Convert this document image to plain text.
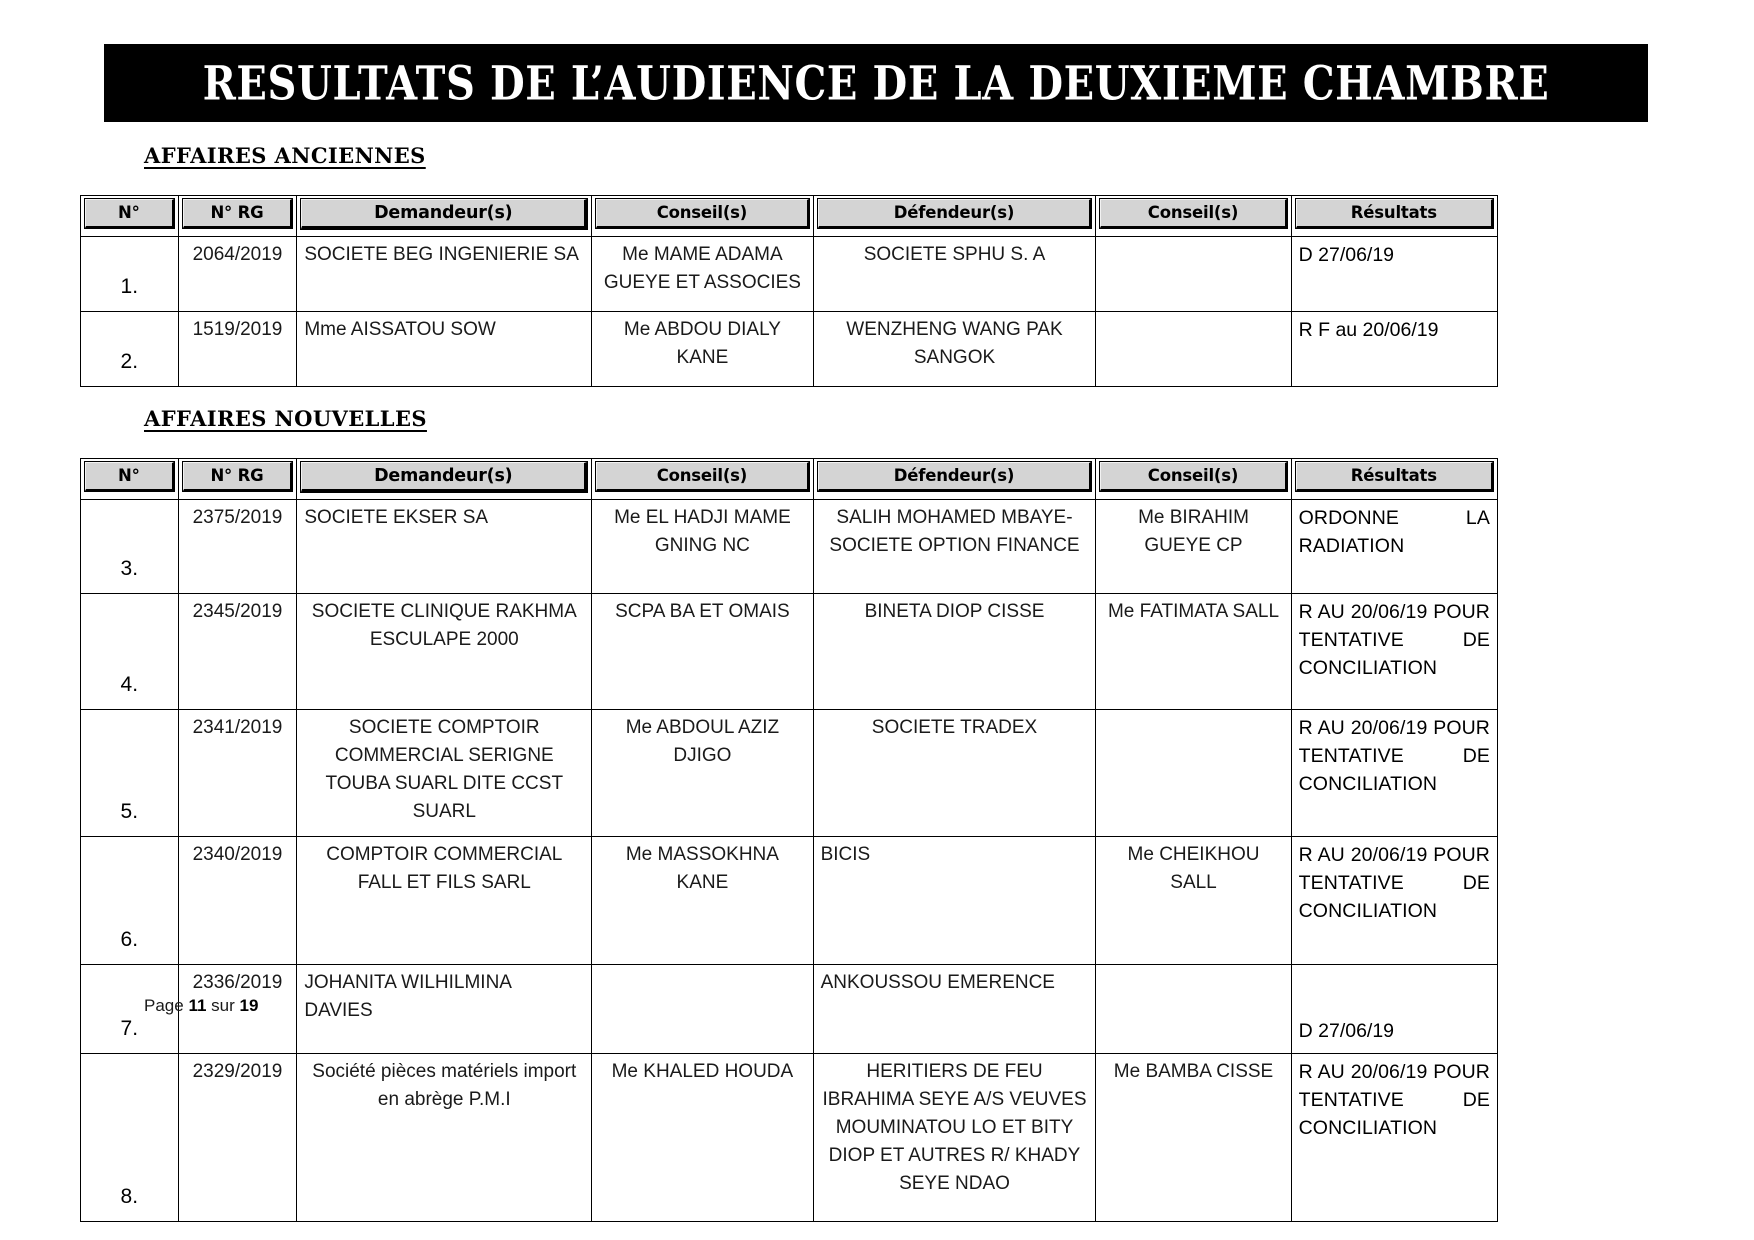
RESULTATS DE L’AUDIENCE DE LA DEUXIEME CHAMBRE
AFFAIRES ANCIENNES
N°	N° RG	Demandeur(s)	Conseil(s)	Défendeur(s)	Conseil(s)	Résultats

1.	2064/2019	SOCIETE BEG INGENIERIE SA	Me MAME ADAMA GUEYE ET ASSOCIES	SOCIETE SPHU S. A		D 27/06/19
2.	1519/2019	Mme AISSATOU SOW	Me ABDOU DIALY KANE	WENZHENG WANG PAK SANGOK		R F au 20/06/19
AFFAIRES NOUVELLES
N°	N° RG	Demandeur(s)	Conseil(s)	Défendeur(s)	Conseil(s)	Résultats

3.	2375/2019	SOCIETE EKSER SA	Me EL HADJI MAME GNING NC	SALIH MOHAMED MBAYE- SOCIETE OPTION FINANCE	Me BIRAHIM GUEYE CP	ORDONNE LA RADIATION
4.	2345/2019	SOCIETE CLINIQUE RAKHMA ESCULAPE 2000	SCPA BA ET OMAIS	BINETA DIOP CISSE	Me FATIMATA SALL	R AU 20/06/19 POUR TENTATIVE DE CONCILIATION
5.	2341/2019	SOCIETE COMPTOIR COMMERCIAL SERIGNE TOUBA SUARL DITE CCST SUARL	Me ABDOUL AZIZ DJIGO	SOCIETE TRADEX		R AU 20/06/19 POUR TENTATIVE DE CONCILIATION
6.	2340/2019	COMPTOIR COMMERCIAL FALL ET FILS SARL	Me MASSOKHNA KANE	BICIS	Me CHEIKHOU SALL	R AU 20/06/19 POUR TENTATIVE DE CONCILIATION
7.	2336/2019	JOHANITA WILHILMINA DAVIES		ANKOUSSOU EMERENCE		D 27/06/19
8.	2329/2019	Société pièces matériels import en abrège P.M.I	Me KHALED HOUDA	HERITIERS DE FEU IBRAHIMA SEYE A/S VEUVES MOUMINATOU LO ET BITY DIOP ET AUTRES R/ KHADY SEYE NDAO	Me BAMBA CISSE	R AU 20/06/19 POUR TENTATIVE DE CONCILIATION
Page 11 sur 19
